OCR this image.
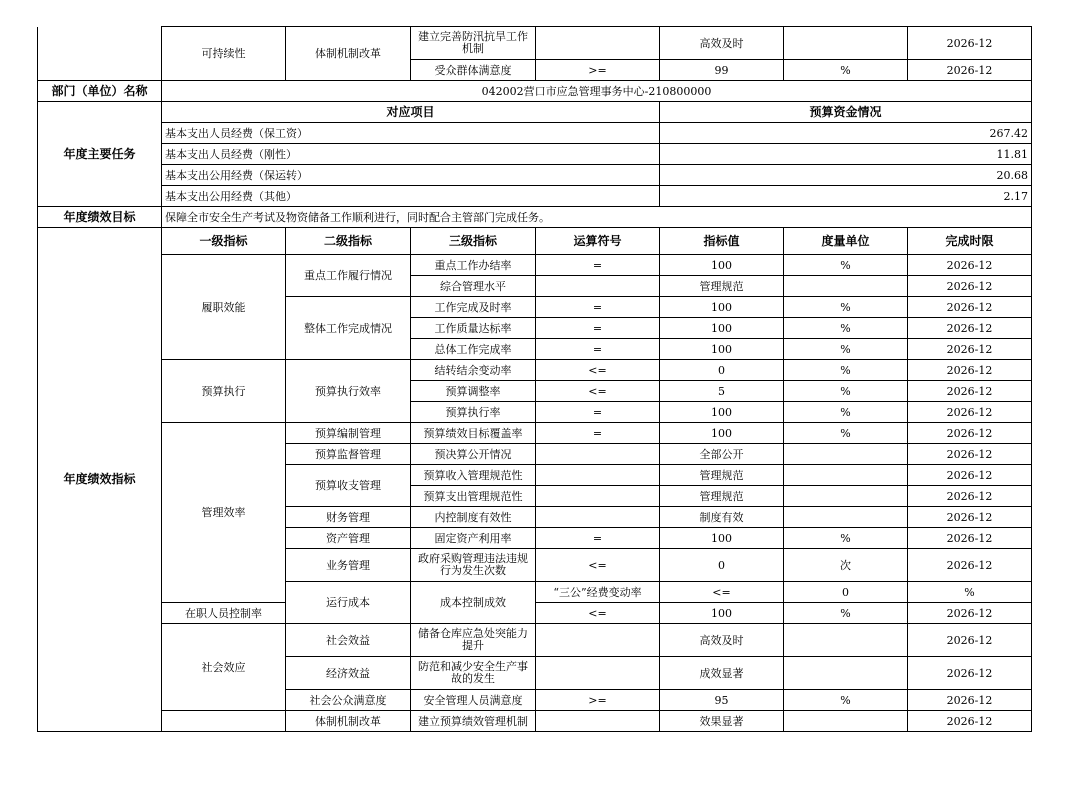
	可持续性	体制机制改革	建立完善防汛抗旱工作机制		高效及时		2026-12	
			受众群体满意度	>=	99	%	2026-12	
部门（单位）名称	042002营口市应急管理事务中心-210800000							
年度主要任务	对应项目				预算资金情况			
	基本支出人员经费（保工资）				267.42			
	基本支出人员经费（刚性）				11.81			
	基本支出公用经费（保运转）				20.68			
	基本支出公用经费（其他）				2.17			
年度绩效目标	保障全市安全生产考试及物资储备工作顺利进行，同时配合主管部门完成任务。							
年度绩效指标	一级指标	二级指标	三级指标	运算符号	指标值	度量单位	完成时限	
	履职效能	重点工作履行情况	重点工作办结率	=	100	%	2026-12	
			综合管理水平		管理规范		2026-12	
		整体工作完成情况	工作完成及时率	=	100	%	2026-12	
			工作质量达标率	=	100	%	2026-12	
			总体工作完成率	=	100	%	2026-12	
	预算执行	预算执行效率	结转结余变动率	<=	0	%	2026-12	
			预算调整率	<=	5	%	2026-12	
			预算执行率	=	100	%	2026-12	
	管理效率	预算编制管理	预算绩效目标覆盖率	=	100	%	2026-12	
		预算监督管理	预决算公开情况		全部公开		2026-12	
		预算收支管理	预算收入管理规范性		管理规范		2026-12	
			预算支出管理规范性		管理规范		2026-12	
		财务管理	内控制度有效性		制度有效		2026-12	
		资产管理	固定资产利用率	=	100	%	2026-12	
		业务管理	政府采购管理违法违规行为发生次数	<=	0	次	2026-12	
		运行成本	成本控制成效	“三公”经费变动率	<=	0	%	
	在职人员控制率			<=	100	%	2026-12	
	社会效应	社会效益	储备仓库应急处突能力提升		高效及时		2026-12	
		经济效益	防范和减少安全生产事故的发生		成效显著		2026-12	
		社会公众满意度	安全管理人员满意度	>=	95	%	2026-12	
		体制机制改革	建立预算绩效管理机制		效果显著		2026-12	
